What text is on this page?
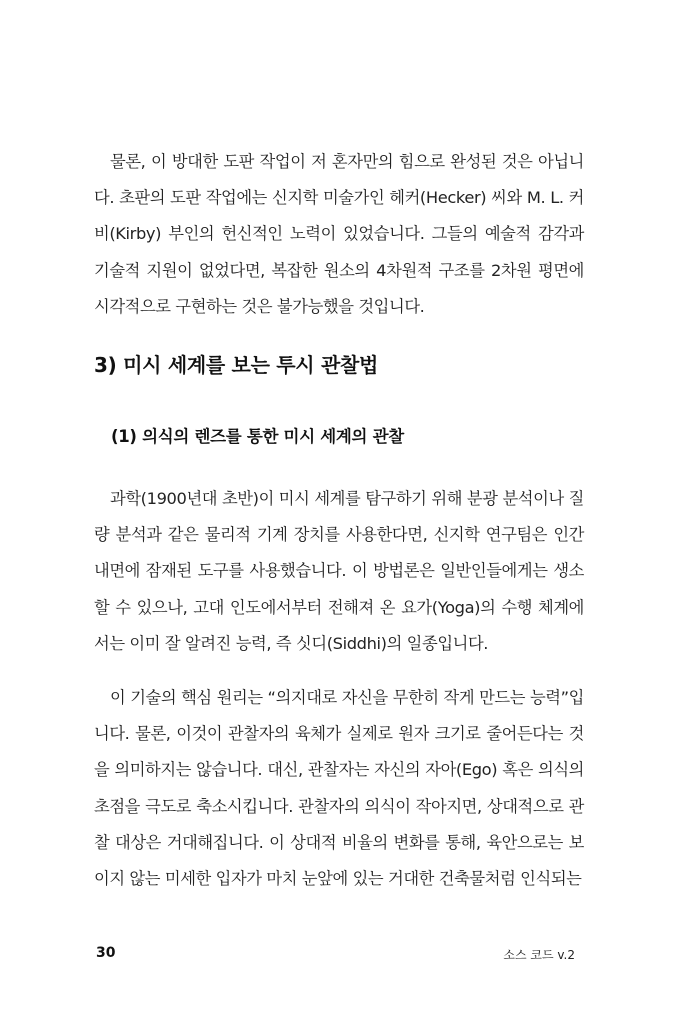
물론, 이 방대한 도판 작업이 저 혼자만의 힘으로 완성된 것은 아닙니다. 초판의 도판 작업에는 신지학 미술가인 헤커(Hecker) 씨와 M. L. 커비(Kirby) 부인의 헌신적인 노력이 있었습니다. 그들의 예술적 감각과 기술적 지원이 없었다면, 복잡한 원소의 4차원적 구조를 2차원 평면에 시각적으로 구현하는 것은 불가능했을 것입니다.

3) 미시 세계를 보는 투시 관찰법
(1) 의식의 렌즈를 통한 미시 세계의 관찰

과학(1900년대 초반)이 미시 세계를 탐구하기 위해 분광 분석이나 질량 분석과 같은 물리적 기계 장치를 사용한다면, 신지학 연구팀은 인간 내면에 잠재된 도구를 사용했습니다. 이 방법론은 일반인들에게는 생소할 수 있으나, 고대 인도에서부터 전해져 온 요가(Yoga)의 수행 체계에서는 이미 잘 알려진 능력, 즉 싯디(Siddhi)의 일종입니다.

이 기술의 핵심 원리는 “의지대로 자신을 무한히 작게 만드는 능력”입니다. 물론, 이것이 관찰자의 육체가 실제로 원자 크기로 줄어든다는 것을 의미하지는 않습니다. 대신, 관찰자는 자신의 자아(Ego) 혹은 의식의 초점을 극도로 축소시킵니다. 관찰자의 의식이 작아지면, 상대적으로 관찰 대상은 거대해집니다. 이 상대적 비율의 변화를 통해, 육안으로는 보이지 않는 미세한 입자가 마치 눈앞에 있는 거대한 건축물처럼 인식되는

30	소스 코드 v.2
